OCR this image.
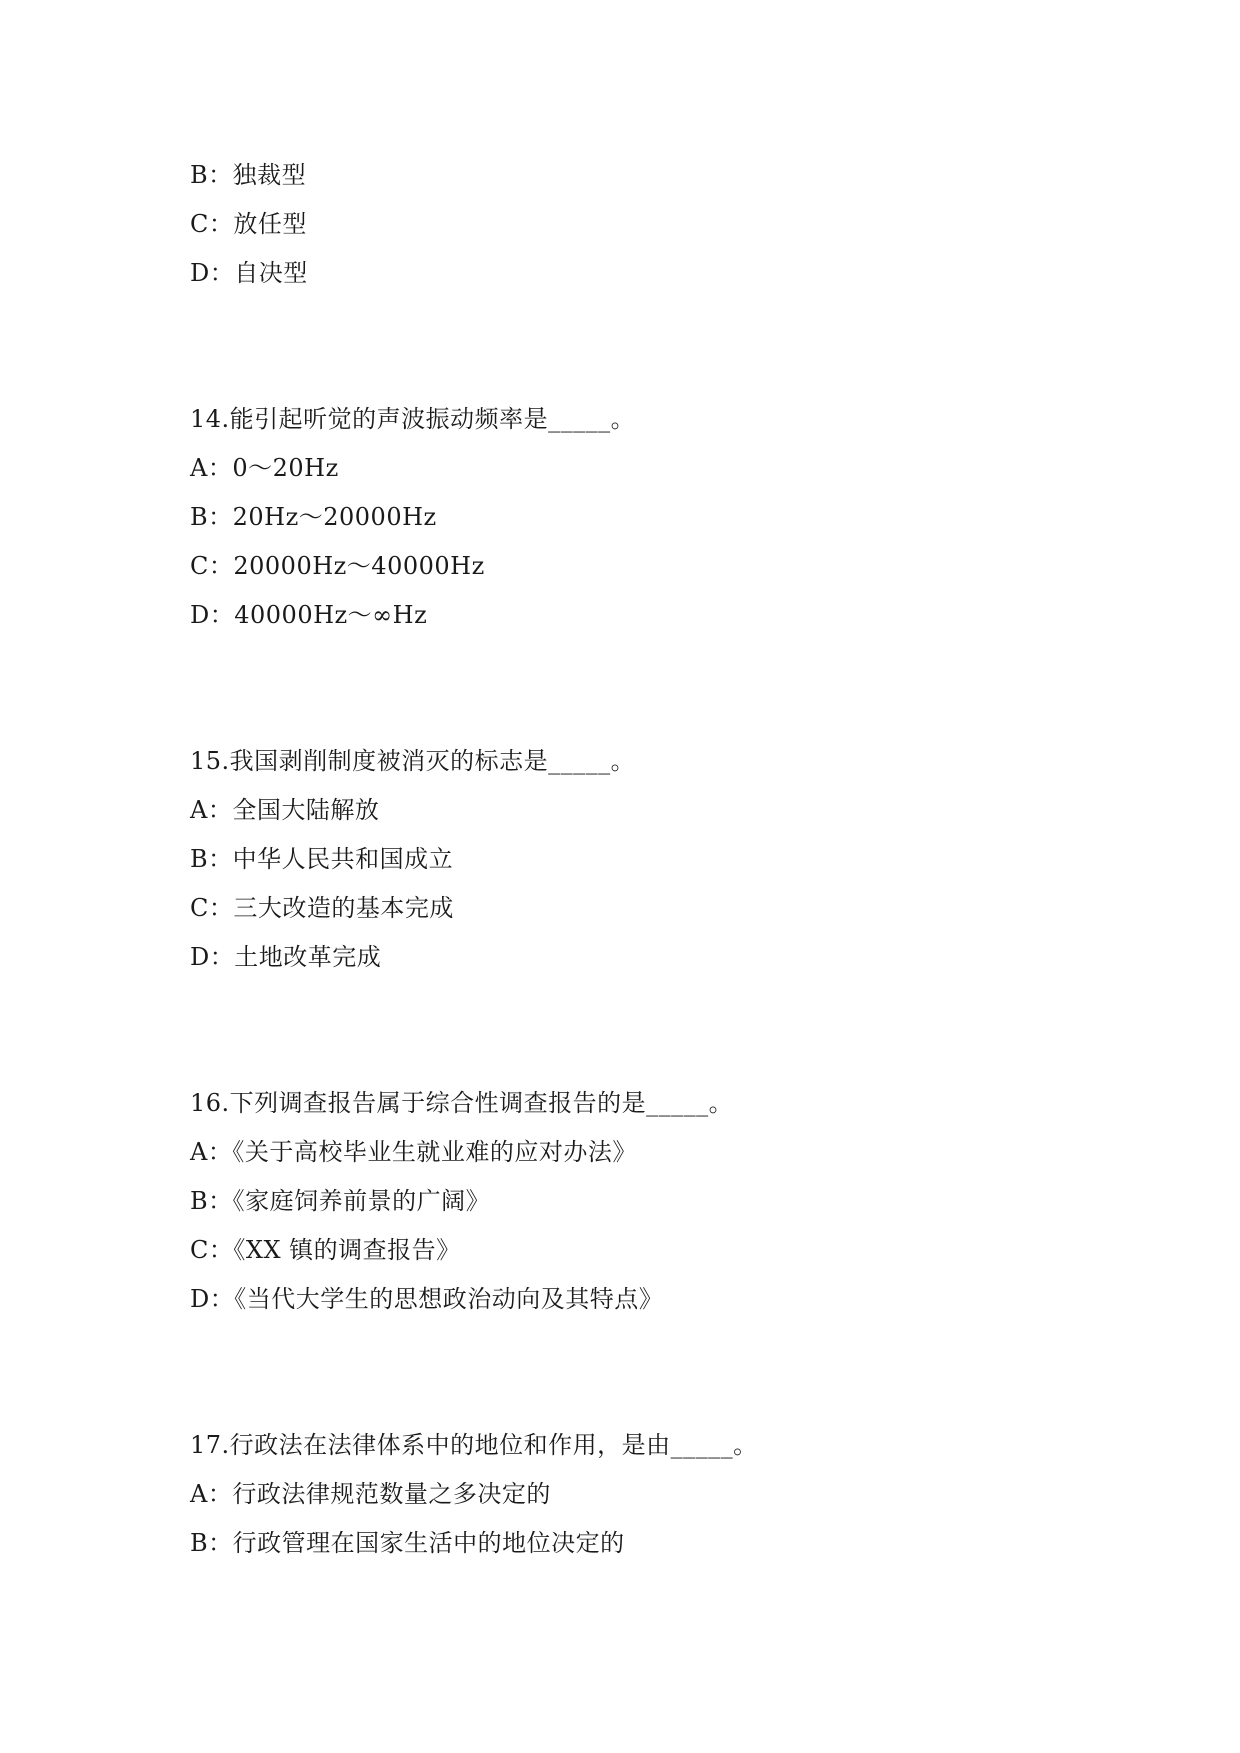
B：独裁型
C：放任型
D：自决型
14.能引起听觉的声波振动频率是_____。
A：0～20Hz
B：20Hz～20000Hz
C：20000Hz～40000Hz
D：40000Hz～∞Hz
15.我国剥削制度被消灭的标志是_____。
A：全国大陆解放
B：中华人民共和国成立
C：三大改造的基本完成
D：土地改革完成
16.下列调查报告属于综合性调查报告的是_____。
A：《关于高校毕业生就业难的应对办法》
B：《家庭饲养前景的广阔》
C：《XX 镇的调查报告》
D：《当代大学生的思想政治动向及其特点》
17.行政法在法律体系中的地位和作用，是由_____。
A：行政法律规范数量之多决定的
B：行政管理在国家生活中的地位决定的
